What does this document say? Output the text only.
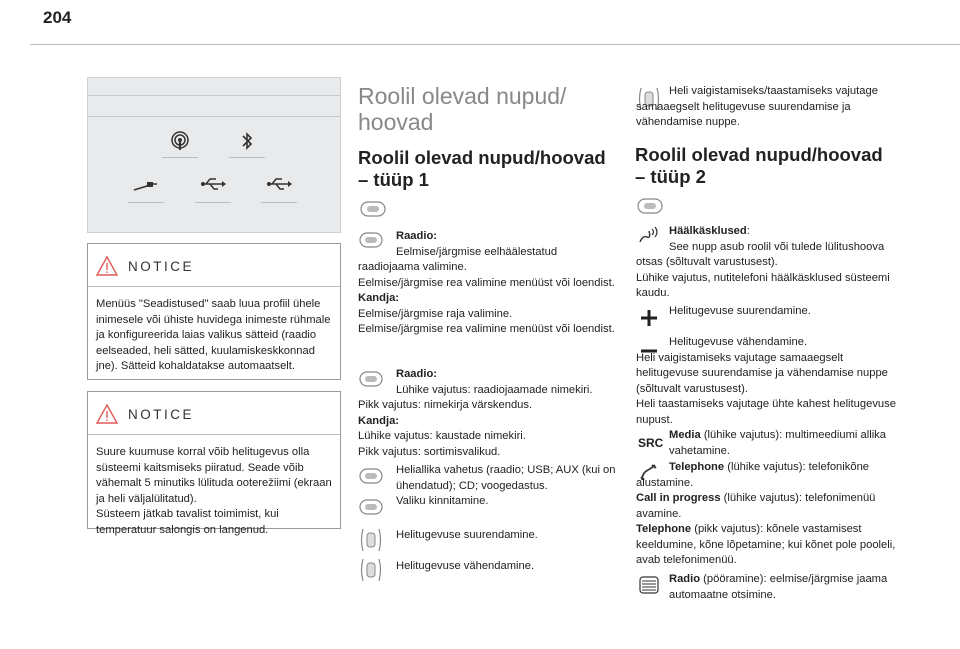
204
NOTICE
Menüüs "Seadistused" saab luua profiil ühele inimesele või ühiste huvidega inimeste rühmale ja konfigureerida laias valikus sätteid (raadio eelseaded, heli sätted, kuulamiskeskkonnad jne). Sätteid kohaldatakse automaatselt.
NOTICE
Suure kuumuse korral võib helitugevus olla süsteemi kaitsmiseks piiratud. Seade võib vähemalt 5 minutiks lülituda ooterežiimi (ekraan ja heli väljalülitatud).
Süsteem jätkab tavalist toimimist, kui temperatuur salongis on langenud.
Roolil olevad nupud/
hoovad
Roolil olevad nupud/hoovad
– tüüp 1
Raadio:
Eelmise/järgmise eelhäälestatud raadiojaama valimine.
Eelmise/järgmise rea valimine menüüst või loendist.
Kandja:
Eelmise/järgmise raja valimine.
Eelmise/järgmise rea valimine menüüst või loendist.
Raadio:
Lühike vajutus: raadiojaamade nimekiri.
Pikk vajutus: nimekirja värskendus.
Kandja:
Lühike vajutus: kaustade nimekiri.
Pikk vajutus: sortimisvalikud.
Heliallika vahetus (raadio; USB; AUX (kui on ühendatud); CD; voogedastus.
Valiku kinnitamine.
Helitugevuse suurendamine.
Helitugevuse vähendamine.
Heli vaigistamiseks/taastamiseks vajutage samaaegselt helitugevuse suurendamise ja vähendamise nuppe.
Roolil olevad nupud/hoovad
– tüüp 2
Häälkäsklused:
See nupp asub roolil või tulede lülitushoova otsas (sõltuvalt varustusest).
Lühike vajutus, nutitelefoni häälkäsklused süsteemi kaudu.
Helitugevuse suurendamine.
Helitugevuse vähendamine.
Heli vaigistamiseks vajutage samaaegselt helitugevuse suurendamise ja vähendamise nuppe (sõltuvalt varustusest).
Heli taastamiseks vajutage ühte kahest helitugevuse nupust.
SRC
Media (lühike vajutus): multimeediumi allika vahetamine.
Telephone (lühike vajutus): telefonikõne alustamine.
Call in progress (lühike vajutus): telefonimenüü avamine.
Telephone (pikk vajutus): kõnele vastamisest keeldumine, kõne lõpetamine; kui kõnet pole pooleli, avab telefonimenüü.
Radio (pööramine): eelmise/järgmise jaama automaatne otsimine.
